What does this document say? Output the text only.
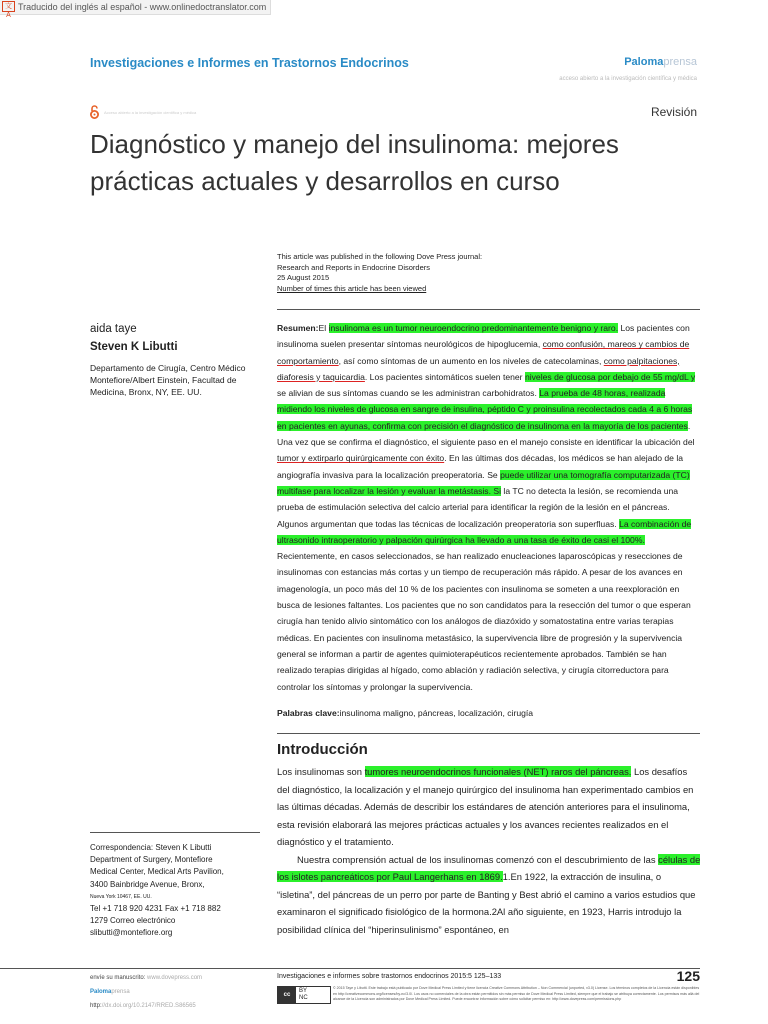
文A
Traducido del inglés al español - www.onlinedoctranslator.com
Investigaciones e Informes en Trastornos Endocrinos	Palomaprensa
acceso abierto a la investigación científica y médica
Acceso abierto a la investigación científica y médica	Revisión
Diagnóstico y manejo del insulinoma: mejores prácticas actuales y desarrollos en curso
This article was published in the following Dove Press journal:
Research and Reports in Endocrine Disorders
25 August 2015
Number of times this article has been viewed
aida taye
Steven K Libutti
Departamento de Cirugía, Centro Médico Montefiore/Albert Einstein, Facultad de Medicina, Bronx, NY, EE. UU.

Resumen:El insulinoma es un tumor neuroendocrino predominantemente benigno y raro. Los pacientes con insulinoma suelen presentar síntomas neurológicos de hipoglucemia, como confusión, mareos y cambios de comportamiento, así como síntomas de un aumento en los niveles de catecolaminas, como palpitaciones, diaforesis y taquicardia. Los pacientes sintomáticos suelen tener niveles de glucosa por debajo de 55 mg/dL y se alivian de sus síntomas cuando se les administran carbohidratos. La prueba de 48 horas, realizada midiendo los niveles de glucosa en sangre de insulina, péptido C y proinsulina recolectados cada 4 a 6 horas en pacientes en ayunas, confirma con precisión el diagnóstico de insulinoma en la mayoría de los pacientes. Una vez que se confirma el diagnóstico, el siguiente paso en el manejo consiste en identificar la ubicación del tumor y extirparlo quirúrgicamente con éxito. En las últimas dos décadas, los médicos se han alejado de la angiografía invasiva para la localización preoperatoria. Se puede utilizar una tomografía computarizada (TC) multifase para localizar la lesión y evaluar la metástasis. Si la TC no detecta la lesión, se recomienda una prueba de estimulación selectiva del calcio arterial para identificar la región de la lesión en el páncreas. Algunos argumentan que todas las técnicas de localización preoperatoria son superfluas. La combinación de ultrasonido intraoperatorio y palpación quirúrgica ha llevado a una tasa de éxito de casi el 100%. Recientemente, en casos seleccionados, se han realizado enucleaciones laparoscópicas y resecciones de insulinomas con estancias más cortas y un tiempo de recuperación más rápido. A pesar de los avances en imagenología, un poco más del 10 % de los pacientes con insulinoma se someten a una reexploración en busca de lesiones faltantes. Los pacientes que no son candidatos para la resección del tumor o que esperan cirugía han tenido alivio sintomático con los análogos de diazóxido y somatostatina entre varias terapias médicas. En pacientes con insulinoma metastásico, la supervivencia libre de progresión y la supervivencia general se informan a partir de agentes quimioterapéuticos recientemente aprobados. También se han realizado terapias dirigidas al hígado, como ablación y radiación selectiva, y cirugía citorreductora para controlar los síntomas y prolongar la supervivencia.

Palabras clave:insulinoma maligno, páncreas, localización, cirugía
Introducción

Los insulinomas son tumores neuroendocrinos funcionales (NET) raros del páncreas. Los desafíos del diagnóstico, la localización y el manejo quirúrgico del insulinoma han experimentado cambios en las últimas décadas. Además de describir los estándares de atención anteriores para el insulinoma, esta revisión elaborará las mejores prácticas actuales y los avances recientes realizados en el diagnóstico y el tratamiento.

Nuestra comprensión actual de los insulinomas comenzó con el descubrimiento de las células de los islotes pancreáticos por Paul Langerhans en 1869.1.En 1922, la extracción de insulina, o “isletina”, del páncreas de un perro por parte de Banting y Best abrió el camino a varios estudios que examinaron el significado fisiológico de la hormona.2Al año siguiente, en 1923, Harris introdujo la posibilidad clínica del “hiperinsulinismo” espontáneo, en

Correspondencia: Steven K Libutti
Department of Surgery, Montefiore
Medical Center, Medical Arts Pavilion,
3400 Bainbridge Avenue, Bronx,
Nueva York 10467, EE. UU.
Tel +1 718 920 4231 Fax +1 718 882
1279 Correo electrónico
slibutti@montefiore.org
envíe su manuscrito: www.dovepress.com
Palomaprensa
http://dx.doi.org/10.2147/RRED.S86565
Investigaciones e informes sobre trastornos endocrinos 2015:5 125–133	125
cc
BY
NC
© 2015 Taye y Libutti. Este trabajo está publicado por Dove Medical Press Limited y tiene licencia Creative Commons Attribution – Non Commercial (unported, v3.0) License. Los términos completos de la Licencia están disponibles en http://creativecommons.org/licenses/by-nc/3.0/. Los usos no comerciales de la obra están permitidos sin más permiso de Dove Medical Press Limited, siempre que el trabajo se atribuya correctamente. Los permisos más allá del alcance de la Licencia son administrados por Dove Medical Press Limited. Puede encontrar información sobre cómo solicitar permiso en: http://www.dovepress.com/permissions.php
